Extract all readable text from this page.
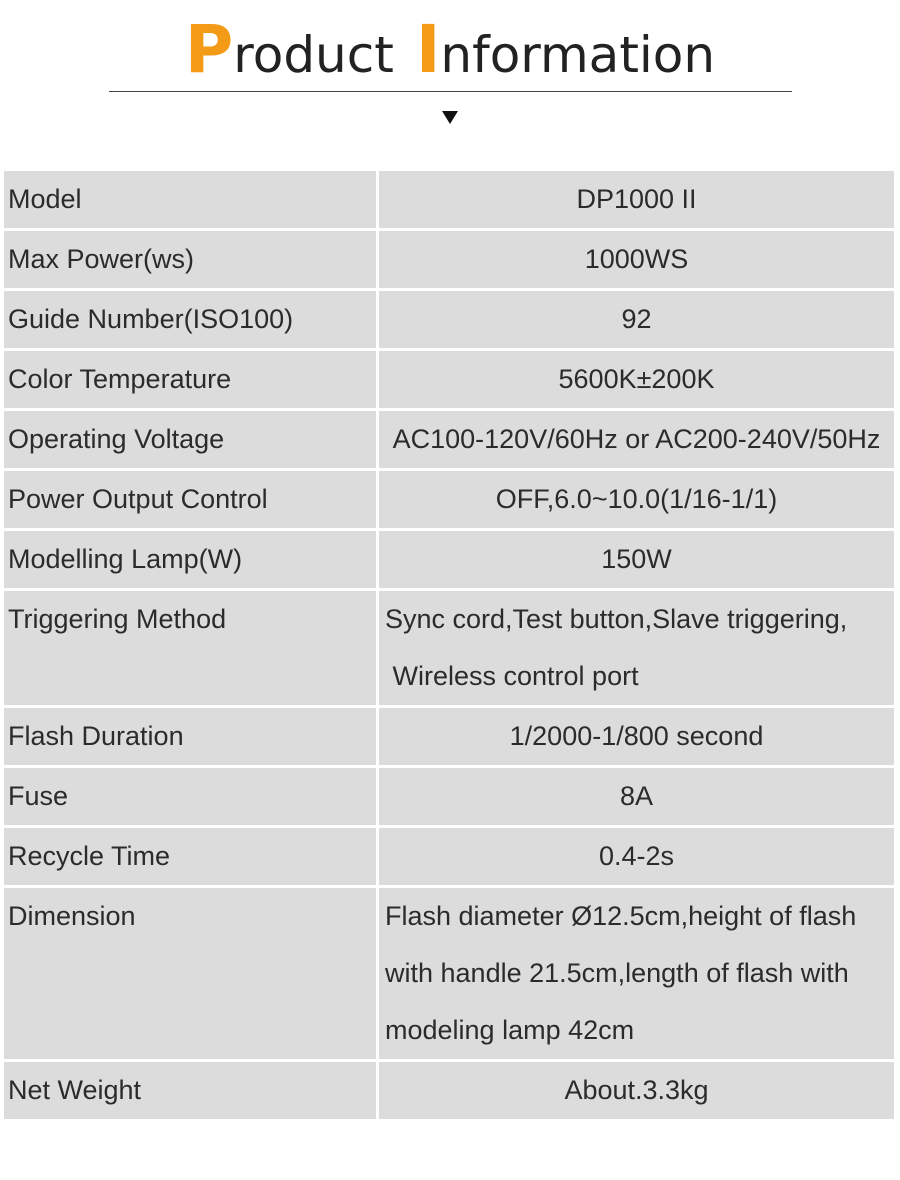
Product Information
Model	DP1000 II
Max Power(ws)	1000WS
Guide Number(ISO100)	92
Color Temperature	5600K±200K
Operating Voltage	AC100-120V/60Hz or AC200-240V/50Hz
Power Output Control	OFF,6.0~10.0(1/16-1/1)
Modelling Lamp(W)	150W
Triggering Method	Sync cord,Test button,Slave triggering,
Wireless control port
Flash Duration	1/2000-1/800 second
Fuse	8A
Recycle Time	0.4-2s
Dimension	Flash diameter Ø12.5cm,height of flash
with handle 21.5cm,length of flash with
modeling lamp 42cm
Net Weight	About.3.3kg
